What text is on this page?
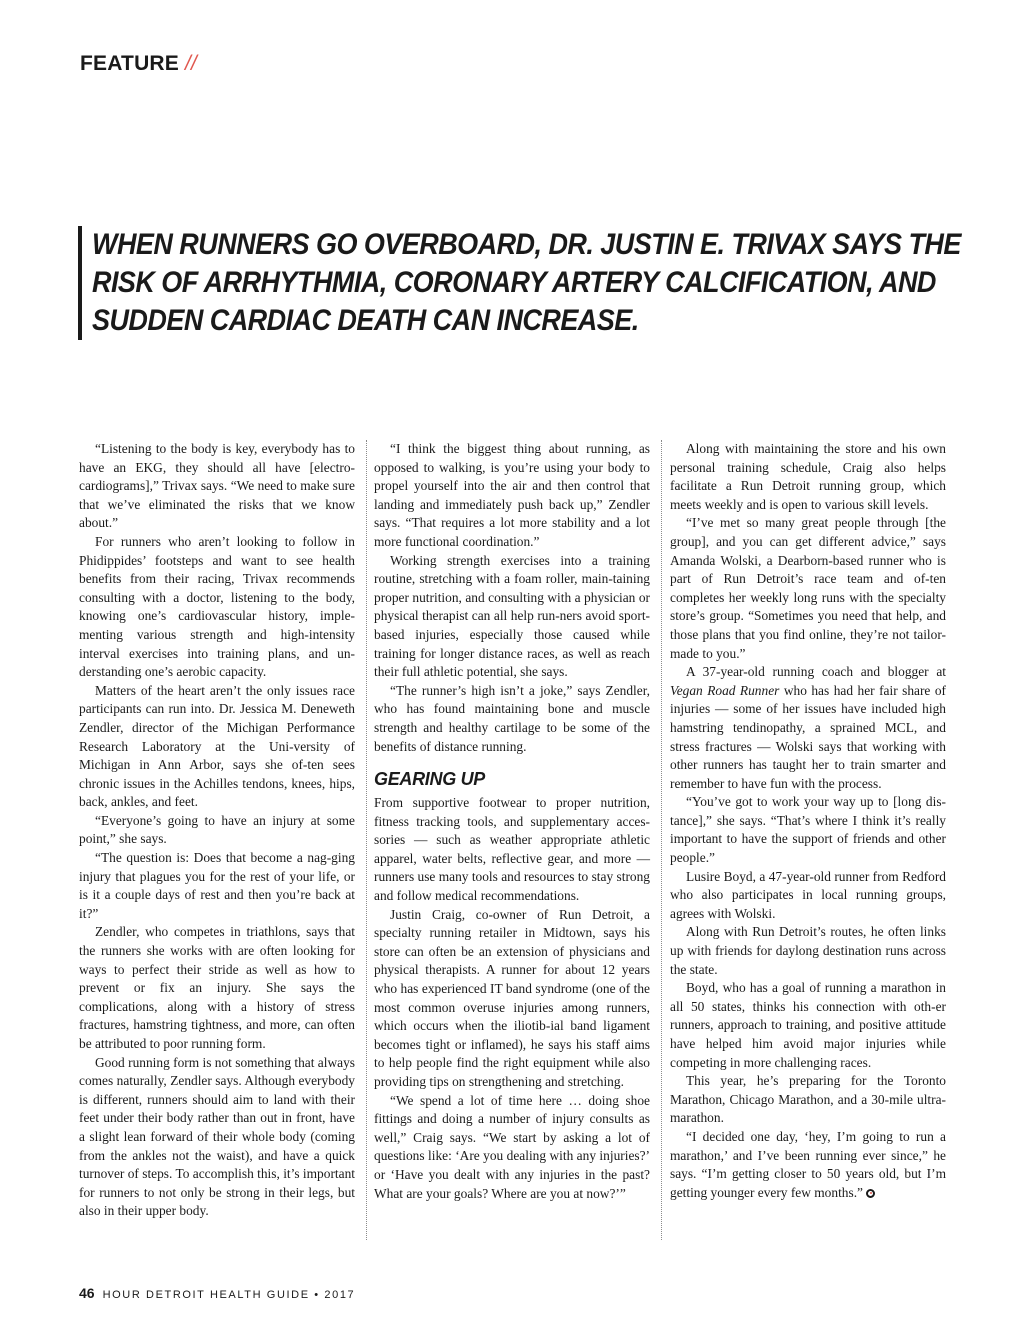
FEATURE //

WHEN RUNNERS GO OVERBOARD, DR. JUSTIN E. TRIVAX SAYS THE RISK OF ARRHYTHMIA, CORONARY ARTERY CALCIFICATION, AND SUDDEN CARDIAC DEATH CAN INCREASE.

“Listening to the body is key, everybody has to have an EKG, they should all have [electro-cardiograms],” Trivax says. “We need to make sure that we’ve eliminated the risks that we know about.”

For runners who aren’t looking to follow in Phidippides’ footsteps and want to see health benefits from their racing, Trivax recommends consulting with a doctor, listening to the body, knowing one’s cardiovascular history, imple-menting various strength and high-intensity interval exercises into training plans, and un-derstanding one’s aerobic capacity.

Matters of the heart aren’t the only issues race participants can run into. Dr. Jessica M. Deneweth Zendler, director of the Michigan Performance Research Laboratory at the Uni-versity of Michigan in Ann Arbor, says she of-ten sees chronic issues in the Achilles tendons, knees, hips, back, ankles, and feet.

“Everyone’s going to have an injury at some point,” she says.

“The question is: Does that become a nag-ging injury that plagues you for the rest of your life, or is it a couple days of rest and then you’re back at it?”

Zendler, who competes in triathlons, says that the runners she works with are often looking for ways to perfect their stride as well as how to prevent or fix an injury. She says the complications, along with a history of stress fractures, hamstring tightness, and more, can often be attributed to poor running form.

Good running form is not something that always comes naturally, Zendler says. Although everybody is different, runners should aim to land with their feet under their body rather than out in front, have a slight lean forward of their whole body (coming from the ankles not the waist), and have a quick turnover of steps. To accomplish this, it’s important for runners to not only be strong in their legs, but also in their upper body.

“I think the biggest thing about running, as opposed to walking, is you’re using your body to propel yourself into the air and then control that landing and immediately push back up,” Zendler says. “That requires a lot more stability and a lot more functional coordination.”

Working strength exercises into a training routine, stretching with a foam roller, main-taining proper nutrition, and consulting with a physician or physical therapist can all help run-ners avoid sport-based injuries, especially those caused while training for longer distance races, as well as reach their full athletic potential, she says.

“The runner’s high isn’t a joke,” says Zendler, who has found maintaining bone and muscle strength and healthy cartilage to be some of the benefits of distance running.

GEARING UP

From supportive footwear to proper nutrition, fitness tracking tools, and supplementary acces-sories — such as weather appropriate athletic apparel, water belts, reflective gear, and more — runners use many tools and resources to stay strong and follow medical recommendations.

Justin Craig, co-owner of Run Detroit, a specialty running retailer in Midtown, says his store can often be an extension of physicians and physical therapists. A runner for about 12 years who has experienced IT band syndrome (one of the most common overuse injuries among runners, which occurs when the iliotib-ial band ligament becomes tight or inflamed), he says his staff aims to help people find the right equipment while also providing tips on strengthening and stretching.

“We spend a lot of time here … doing shoe fittings and doing a number of injury consults as well,” Craig says. “We start by asking a lot of questions like: ‘Are you dealing with any injuries?’ or ‘Have you dealt with any injuries in the past? What are your goals? Where are you at now?’”

Along with maintaining the store and his own personal training schedule, Craig also helps facilitate a Run Detroit running group, which meets weekly and is open to various skill levels.

“I’ve met so many great people through [the group], and you can get different advice,” says Amanda Wolski, a Dearborn-based runner who is part of Run Detroit’s race team and of-ten completes her weekly long runs with the specialty store’s group. “Sometimes you need that help, and those plans that you find online, they’re not tailor-made to you.”

A 37-year-old running coach and blogger at Vegan Road Runner who has had her fair share of injuries — some of her issues have included high hamstring tendinopathy, a sprained MCL, and stress fractures — Wolski says that working with other runners has taught her to train smarter and remember to have fun with the process.

“You’ve got to work your way up to [long dis-tance],” she says. “That’s where I think it’s really important to have the support of friends and other people.”

Lusire Boyd, a 47-year-old runner from Redford who also participates in local running groups, agrees with Wolski.

Along with Run Detroit’s routes, he often links up with friends for daylong destination runs across the state.

Boyd, who has a goal of running a marathon in all 50 states, thinks his connection with oth-er runners, approach to training, and positive attitude have helped him avoid major injuries while competing in more challenging races.

This year, he’s preparing for the Toronto Marathon, Chicago Marathon, and a 30-mile ultra-marathon.

“I decided one day, ‘hey, I’m going to run a marathon,’ and I’ve been running ever since,” he says. “I’m getting closer to 50 years old, but I’m getting younger every few months.”

46 HOUR DETROIT HEALTH GUIDE • 2017
